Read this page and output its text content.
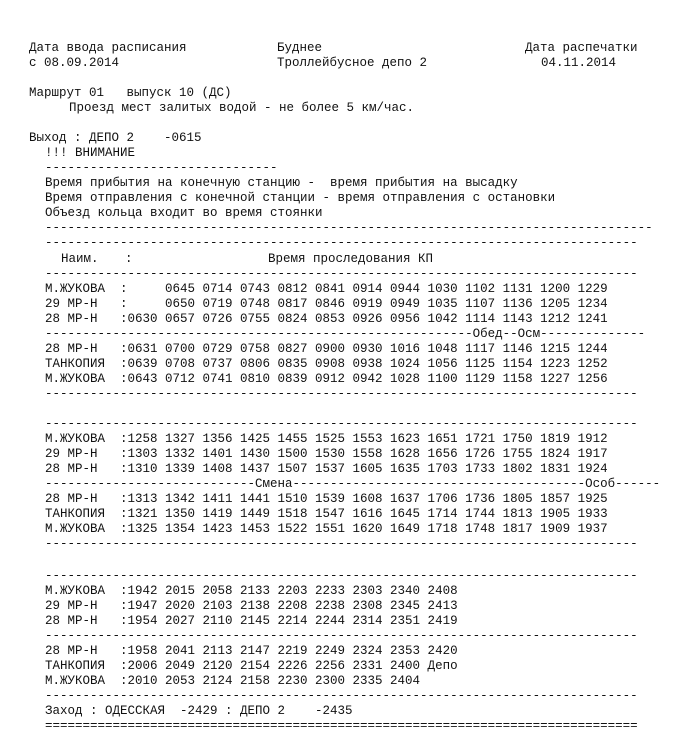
Дата ввода расписания	Буднее	Дата распечатки
с 08.09.2014	Троллейбусное депо 2	04.11.2014
Маршрут 01   выпуск 10 (ДС)
Проезд мест залитых водой - не более 5 км/час.
Выход : ДЕПО 2    -0615
!!! ВНИМАНИЕ
-------------------------------
Время прибытия на конечную станцию -  время прибытия на высадку
Время отправления с конечной станции - время отправления с остановки
Объезд кольца входит во время стоянки
---------------------------------------------------------------------------------
-------------------------------------------------------------------------------
Наим. :	Время проследования КП
-------------------------------------------------------------------------------
М.ЖУКОВА  :     0645 0714 0743 0812 0841 0914 0944 1030 1102 1131 1200 1229
29 МР-Н   :     0650 0719 0748 0817 0846 0919 0949 1035 1107 1136 1205 1234
28 МР-Н   :0630 0657 0726 0755 0824 0853 0926 0956 1042 1114 1143 1212 1241
---------------------------------------------------------Обед--Осм--------------
28 МР-Н   :0631 0700 0729 0758 0827 0900 0930 1016 1048 1117 1146 1215 1244
ТАНКОПИЯ  :0639 0708 0737 0806 0835 0908 0938 1024 1056 1125 1154 1223 1252
М.ЖУКОВА  :0643 0712 0741 0810 0839 0912 0942 1028 1100 1129 1158 1227 1256
-------------------------------------------------------------------------------
-------------------------------------------------------------------------------
М.ЖУКОВА  :1258 1327 1356 1425 1455 1525 1553 1623 1651 1721 1750 1819 1912
29 МР-Н   :1303 1332 1401 1430 1500 1530 1558 1628 1656 1726 1755 1824 1917
28 МР-Н   :1310 1339 1408 1437 1507 1537 1605 1635 1703 1733 1802 1831 1924
----------------------------Смена---------------------------------------Особ------
28 МР-Н   :1313 1342 1411 1441 1510 1539 1608 1637 1706 1736 1805 1857 1925
ТАНКОПИЯ  :1321 1350 1419 1449 1518 1547 1616 1645 1714 1744 1813 1905 1933
М.ЖУКОВА  :1325 1354 1423 1453 1522 1551 1620 1649 1718 1748 1817 1909 1937
-------------------------------------------------------------------------------
-------------------------------------------------------------------------------
М.ЖУКОВА  :1942 2015 2058 2133 2203 2233 2303 2340 2408
29 МР-Н   :1947 2020 2103 2138 2208 2238 2308 2345 2413
28 МР-Н   :1954 2027 2110 2145 2214 2244 2314 2351 2419
-------------------------------------------------------------------------------
28 МР-Н   :1958 2041 2113 2147 2219 2249 2324 2353 2420
ТАНКОПИЯ  :2006 2049 2120 2154 2226 2256 2331 2400 Депо
М.ЖУКОВА  :2010 2053 2124 2158 2230 2300 2335 2404
-------------------------------------------------------------------------------
Заход : ОДЕССКАЯ  -2429 : ДЕПО 2    -2435
===============================================================================
